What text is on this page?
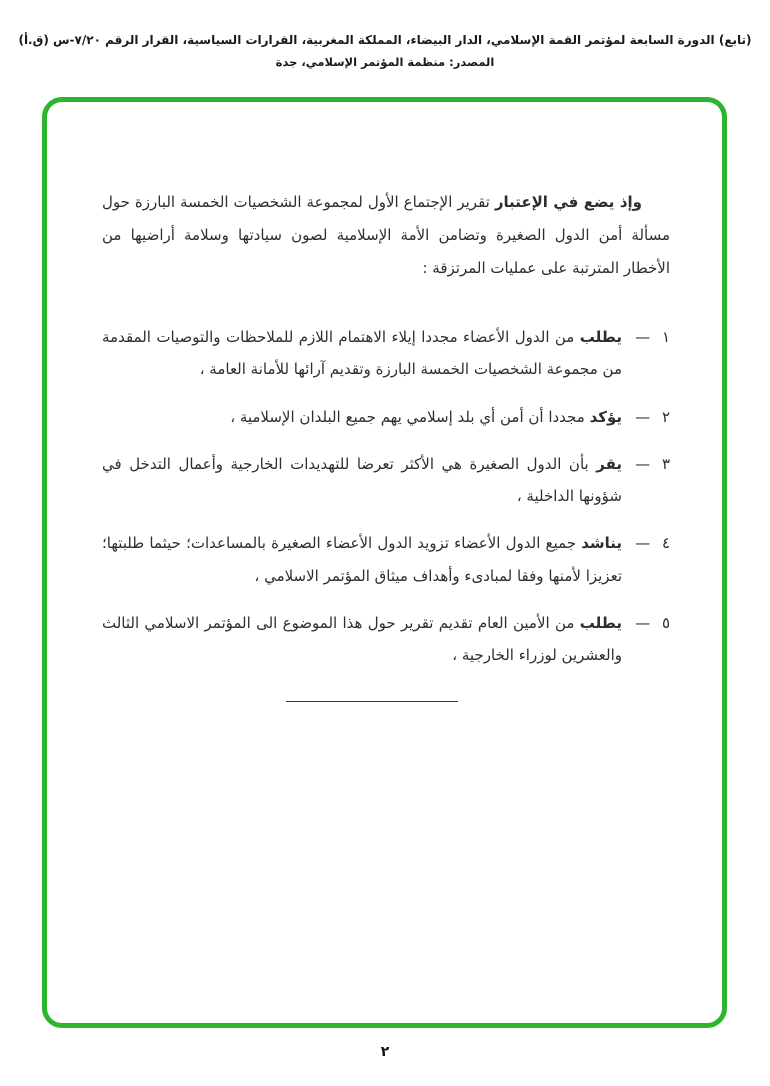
(تابع) الدورة السابعة لمؤتمر القمة الإسلامي، الدار البيضاء، المملكة المغربية، القرارات السياسية، القرار الرقم ٧/٢٠-س (ق.أ)
المصدر: منظمة المؤتمر الإسلامي، جدة

وإذ يضع في الإعتبار تقرير الإجتماع الأول لمجموعة الشخصيات الخمسة البارزة حول مسألة أمن الدول الصغيرة وتضامن الأمة الإسلامية لصون سيادتها وسلامة أراضيها من الأخطار المترتبة على عمليات المرتزقة :

١ —
يطلب من الدول الأعضاء مجددا إيلاء الاهتمام اللازم للملاحظات والتوصيات المقدمة من مجموعة الشخصيات الخمسة البارزة وتقديم آرائها للأمانة العامة ،
٢ —
يؤكد مجددا أن أمن أي بلد إسلامي يهم جميع البلدان الإسلامية ،
٣ —
يقر بأن الدول الصغيرة هي الأكثر تعرضا للتهديدات الخارجية وأعمال التدخل في شؤونها الداخلية ،
٤ —
يناشد جميع الدول الأعضاء تزويد الدول الأعضاء الصغيرة بالمساعدات؛ حيثما طلبتها؛ تعزيزا لأمنها وفقا لمبادىء وأهداف ميثاق المؤتمر الاسلامي ،
٥ —
يطلب من الأمين العام تقديم تقرير حول هذا الموضوع الى المؤتمر الاسلامي الثالث والعشرين لوزراء الخارجية ،
٢
